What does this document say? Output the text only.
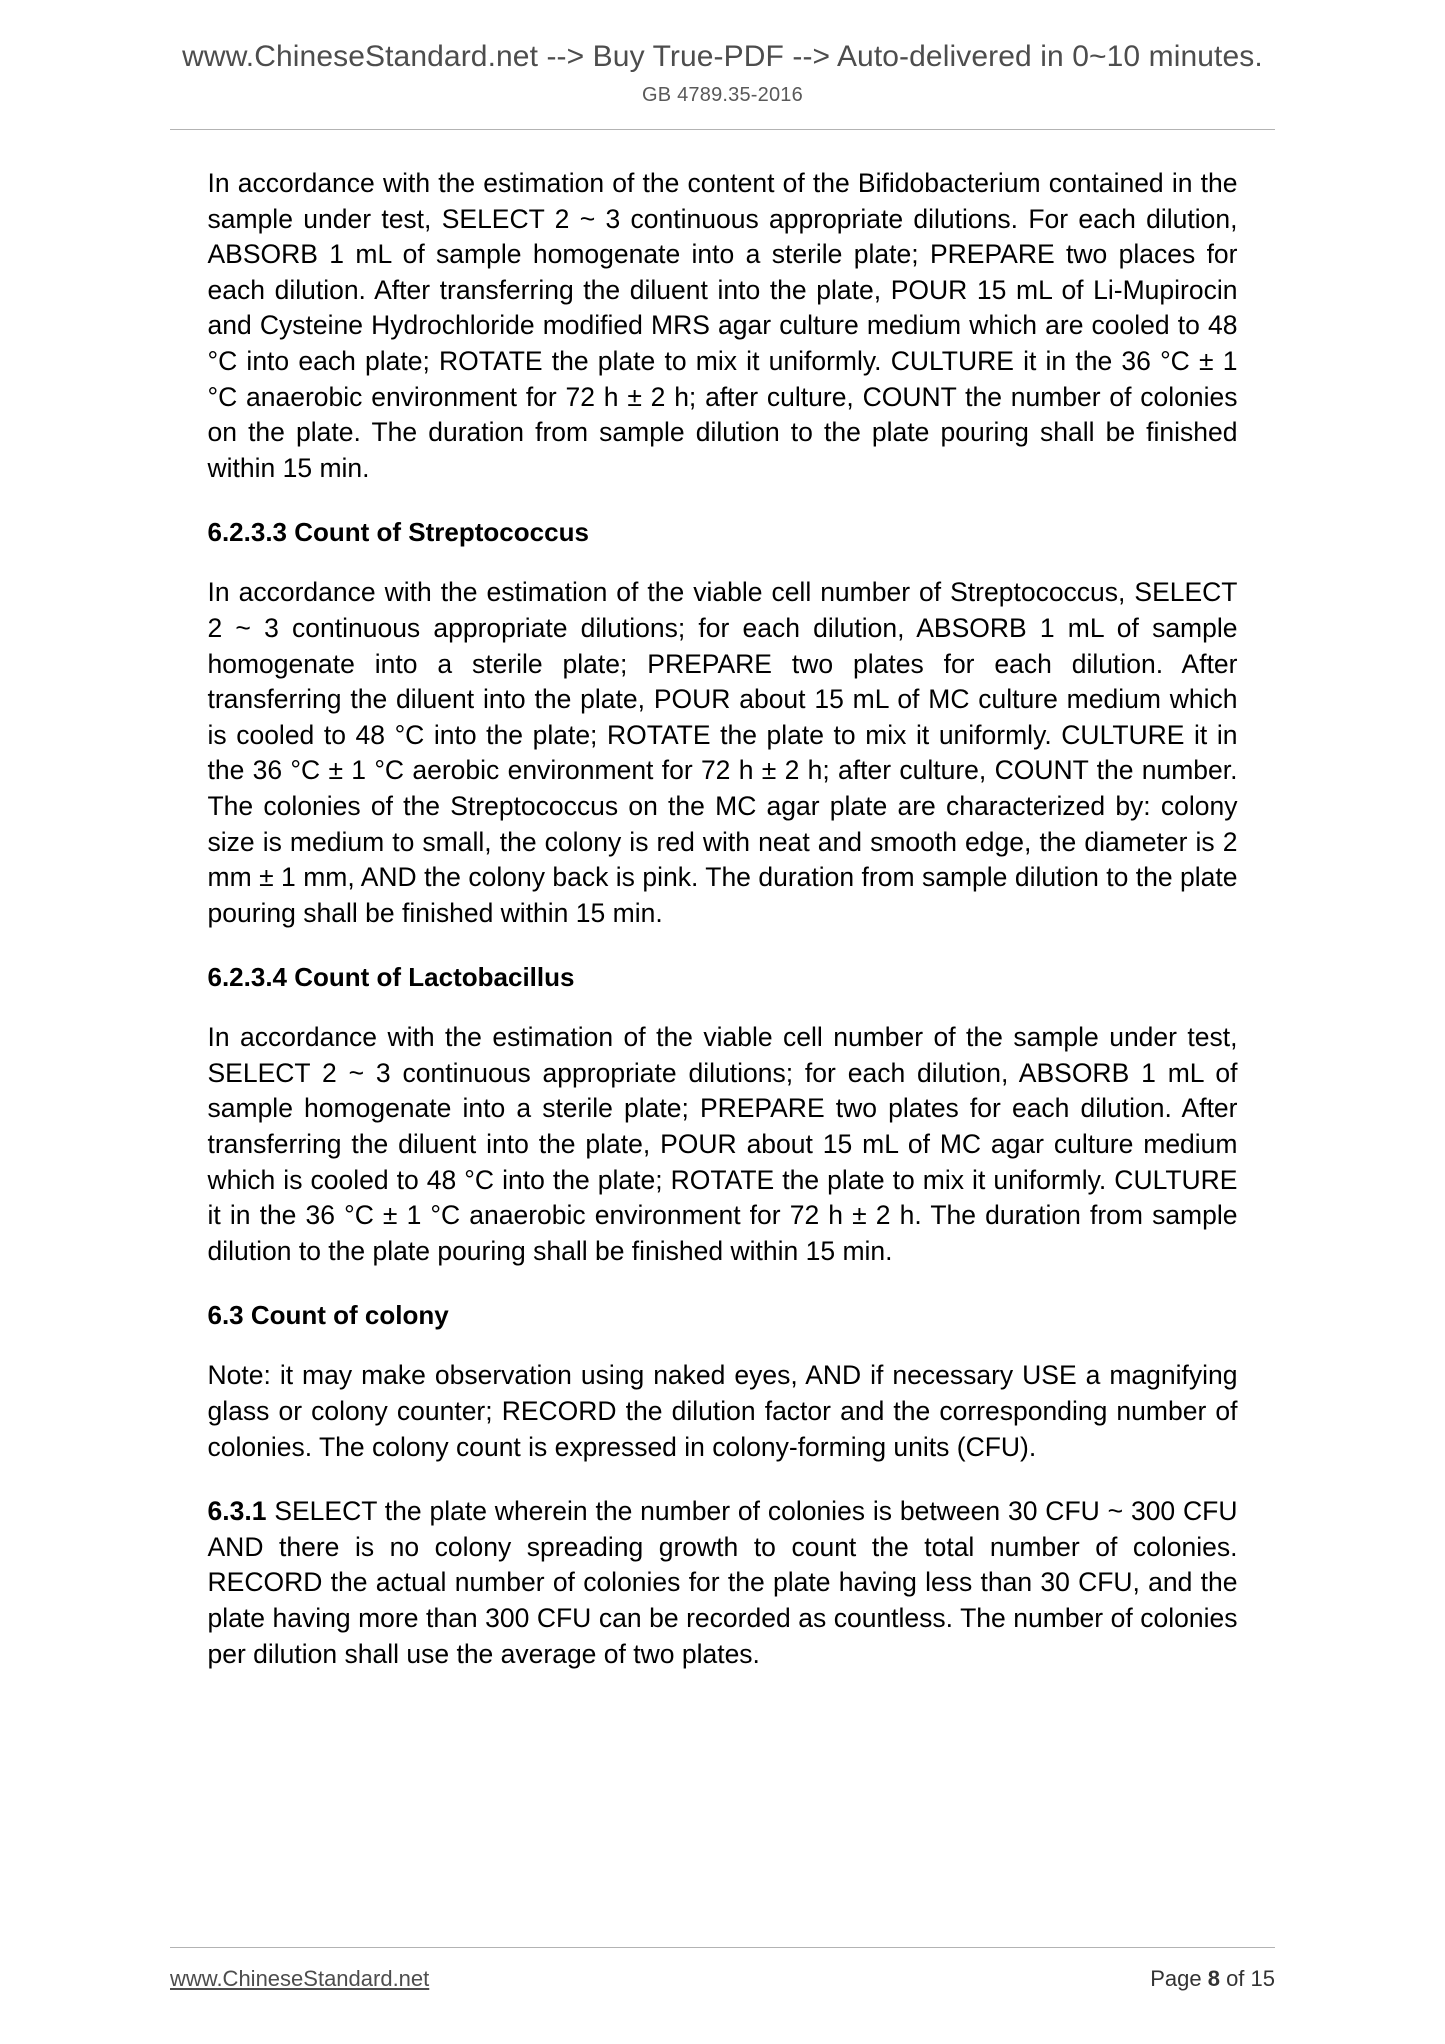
www.ChineseStandard.net --> Buy True-PDF --> Auto-delivered in 0~10 minutes.
GB 4789.35-2016

In accordance with the estimation of the content of the Bifidobacterium contained in the sample under test, SELECT 2 ~ 3 continuous appropriate dilutions. For each dilution, ABSORB 1 mL of sample homogenate into a sterile plate; PREPARE two places for each dilution. After transferring the diluent into the plate, POUR 15 mL of Li-Mupirocin and Cysteine Hydrochloride modified MRS agar culture medium which are cooled to 48 °C into each plate; ROTATE the plate to mix it uniformly. CULTURE it in the 36 °C ± 1 °C anaerobic environment for 72 h ± 2 h; after culture, COUNT the number of colonies on the plate. The duration from sample dilution to the plate pouring shall be finished within 15 min.

6.2.3.3 Count of Streptococcus

In accordance with the estimation of the viable cell number of Streptococcus, SELECT 2 ~ 3 continuous appropriate dilutions; for each dilution, ABSORB 1 mL of sample homogenate into a sterile plate; PREPARE two plates for each dilution. After transferring the diluent into the plate, POUR about 15 mL of MC culture medium which is cooled to 48 °C into the plate; ROTATE the plate to mix it uniformly. CULTURE it in the 36 °C ± 1 °C aerobic environment for 72 h ± 2 h; after culture, COUNT the number. The colonies of the Streptococcus on the MC agar plate are characterized by: colony size is medium to small, the colony is red with neat and smooth edge, the diameter is 2 mm ± 1 mm, AND the colony back is pink. The duration from sample dilution to the plate pouring shall be finished within 15 min.

6.2.3.4 Count of Lactobacillus

In accordance with the estimation of the viable cell number of the sample under test, SELECT 2 ~ 3 continuous appropriate dilutions; for each dilution, ABSORB 1 mL of sample homogenate into a sterile plate; PREPARE two plates for each dilution. After transferring the diluent into the plate, POUR about 15 mL of MC agar culture medium which is cooled to 48 °C into the plate; ROTATE the plate to mix it uniformly. CULTURE it in the 36 °C ± 1 °C anaerobic environment for 72 h ± 2 h. The duration from sample dilution to the plate pouring shall be finished within 15 min.

6.3 Count of colony

Note: it may make observation using naked eyes, AND if necessary USE a magnifying glass or colony counter; RECORD the dilution factor and the corresponding number of colonies. The colony count is expressed in colony-forming units (CFU).

6.3.1 SELECT the plate wherein the number of colonies is between 30 CFU ~ 300 CFU AND there is no colony spreading growth to count the total number of colonies. RECORD the actual number of colonies for the plate having less than 30 CFU, and the plate having more than 300 CFU can be recorded as countless. The number of colonies per dilution shall use the average of two plates.

www.ChineseStandard.net	Page 8 of 15
